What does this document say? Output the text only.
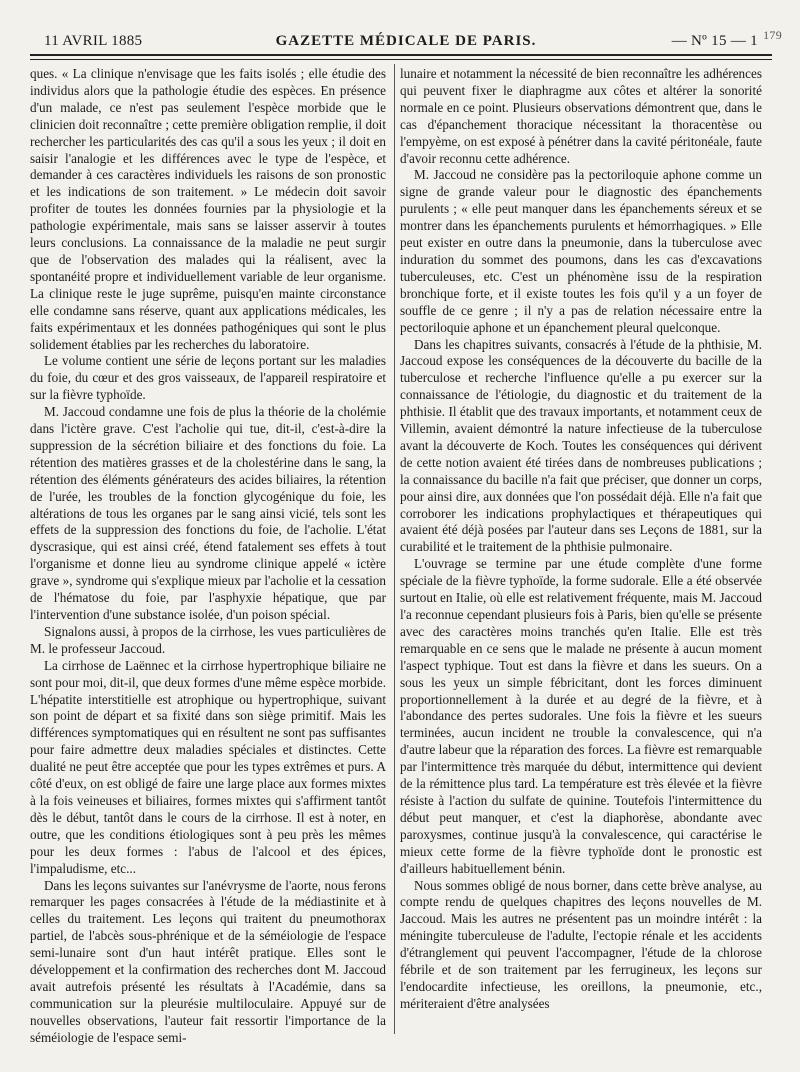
11 AVRIL 1885	GAZETTE MÉDICALE DE PARIS.	— Nº 15 — 1 179

ques. « La clinique n'envisage que les faits isolés ; elle étudie des individus alors que la pathologie étudie des espèces. En présence d'un malade, ce n'est pas seulement l'espèce morbide que le clinicien doit reconnaître ; cette première obligation remplie, il doit rechercher les particularités des cas qu'il a sous les yeux ; il doit en saisir l'analogie et les différences avec le type de l'espèce, et demander à ces caractères individuels les raisons de son pronostic et les indications de son traitement. » Le médecin doit savoir profiter de toutes les données fournies par la physiologie et la pathologie expérimentale, mais sans se laisser asservir à toutes leurs conclusions. La connaissance de la maladie ne peut surgir que de l'observation des malades qui la réalisent, avec la spontanéité propre et individuellement variable de leur organisme. La clinique reste le juge suprême, puisqu'en mainte circonstance elle condamne sans réserve, quant aux applications médicales, les faits expérimentaux et les données pathogéniques qui sont le plus solidement établies par les recherches du laboratoire.

Le volume contient une série de leçons portant sur les maladies du foie, du cœur et des gros vaisseaux, de l'appareil respiratoire et sur la fièvre typhoïde.

M. Jaccoud condamne une fois de plus la théorie de la cholémie dans l'ictère grave. C'est l'acholie qui tue, dit-il, c'est-à-dire la suppression de la sécrétion biliaire et des fonctions du foie. La rétention des matières grasses et de la cholestérine dans le sang, la rétention des éléments générateurs des acides biliaires, la rétention de l'urée, les troubles de la fonction glycogénique du foie, les altérations de tous les organes par le sang ainsi vicié, tels sont les effets de la suppression des fonctions du foie, de l'acholie. L'état dyscrasique, qui est ainsi créé, étend fatalement ses effets à tout l'organisme et donne lieu au syndrome clinique appelé « ictère grave », syndrome qui s'explique mieux par l'acholie et la cessation de l'hématose du foie, par l'asphyxie hépatique, que par l'intervention d'une substance isolée, d'un poison spécial.

Signalons aussi, à propos de la cirrhose, les vues particulières de M. le professeur Jaccoud.

La cirrhose de Laënnec et la cirrhose hypertrophique biliaire ne sont pour moi, dit-il, que deux formes d'une même espèce morbide. L'hépatite interstitielle est atrophique ou hypertrophique, suivant son point de départ et sa fixité dans son siège primitif. Mais les différences symptomatiques qui en résultent ne sont pas suffisantes pour faire admettre deux maladies spéciales et distinctes. Cette dualité ne peut être acceptée que pour les types extrêmes et purs. A côté d'eux, on est obligé de faire une large place aux formes mixtes à la fois veineuses et biliaires, formes mixtes qui s'affirment tantôt dès le début, tantôt dans le cours de la cirrhose. Il est à noter, en outre, que les conditions étiologiques sont à peu près les mêmes pour les deux formes : l'abus de l'alcool et des épices, l'impaludisme, etc...

Dans les leçons suivantes sur l'anévrysme de l'aorte, nous ferons remarquer les pages consacrées à l'étude de la médiastinite et à celles du traitement. Les leçons qui traitent du pneumothorax partiel, de l'abcès sous-phrénique et de la séméiologie de l'espace semi-lunaire sont d'un haut intérêt pratique. Elles sont le développement et la confirmation des recherches dont M. Jaccoud avait autrefois présenté les résultats à l'Académie, dans sa communication sur la pleurésie multiloculaire. Appuyé sur de nouvelles observations, l'auteur fait ressortir l'importance de la séméiologie de l'espace semi-

lunaire et notamment la nécessité de bien reconnaître les adhérences qui peuvent fixer le diaphragme aux côtes et altérer la sonorité normale en ce point. Plusieurs observations démontrent que, dans le cas d'épanchement thoracique nécessitant la thoracentèse ou l'empyème, on est exposé à pénétrer dans la cavité péritonéale, faute d'avoir reconnu cette adhérence.

M. Jaccoud ne considère pas la pectoriloquie aphone comme un signe de grande valeur pour le diagnostic des épanchements purulents ; « elle peut manquer dans les épanchements séreux et se montrer dans les épanchements purulents et hémorrhagiques. » Elle peut exister en outre dans la pneumonie, dans la tuberculose avec induration du sommet des poumons, dans les cas d'excavations tuberculeuses, etc. C'est un phénomène issu de la respiration bronchique forte, et il existe toutes les fois qu'il y a un foyer de souffle de ce genre ; il n'y a pas de relation nécessaire entre la pectoriloquie aphone et un épanchement pleural quelconque.

Dans les chapitres suivants, consacrés à l'étude de la phthisie, M. Jaccoud expose les conséquences de la découverte du bacille de la tuberculose et recherche l'influence qu'elle a pu exercer sur la connaissance de l'étiologie, du diagnostic et du traitement de la phthisie. Il établit que des travaux importants, et notamment ceux de Villemin, avaient démontré la nature infectieuse de la tuberculose avant la découverte de Koch. Toutes les conséquences qui dérivent de cette notion avaient été tirées dans de nombreuses publications ; la connaissance du bacille n'a fait que préciser, que donner un corps, pour ainsi dire, aux données que l'on possédait déjà. Elle n'a fait que corroborer les indications prophylactiques et thérapeutiques qui avaient été déjà posées par l'auteur dans ses Leçons de 1881, sur la curabilité et le traitement de la phthisie pulmonaire.

L'ouvrage se termine par une étude complète d'une forme spéciale de la fièvre typhoïde, la forme sudorale. Elle a été observée surtout en Italie, où elle est relativement fréquente, mais M. Jaccoud l'a reconnue cependant plusieurs fois à Paris, bien qu'elle se présente avec des caractères moins tranchés qu'en Italie. Elle est très remarquable en ce sens que le malade ne présente à aucun moment l'aspect typhique. Tout est dans la fièvre et dans les sueurs. On a sous les yeux un simple fébricitant, dont les forces diminuent proportionnellement à la durée et au degré de la fièvre, et à l'abondance des pertes sudorales. Une fois la fièvre et les sueurs terminées, aucun incident ne trouble la convalescence, qui n'a d'autre labeur que la réparation des forces. La fièvre est remarquable par l'intermittence très marquée du début, intermittence qui devient de la rémittence plus tard. La température est très élevée et la fièvre résiste à l'action du sulfate de quinine. Toutefois l'intermittence du début peut manquer, et c'est la diaphorèse, abondante avec paroxysmes, continue jusqu'à la convalescence, qui caractérise le mieux cette forme de la fièvre typhoïde dont le pronostic est d'ailleurs habituellement bénin.

Nous sommes obligé de nous borner, dans cette brève analyse, au compte rendu de quelques chapitres des leçons nouvelles de M. Jaccoud. Mais les autres ne présentent pas un moindre intérêt : la méningite tuberculeuse de l'adulte, l'ectopie rénale et les accidents d'étranglement qui peuvent l'accompagner, l'étude de la chlorose fébrile et de son traitement par les ferrugineux, les leçons sur l'endocardite infectieuse, les oreillons, la pneumonie, etc., mériteraient d'être analysées
